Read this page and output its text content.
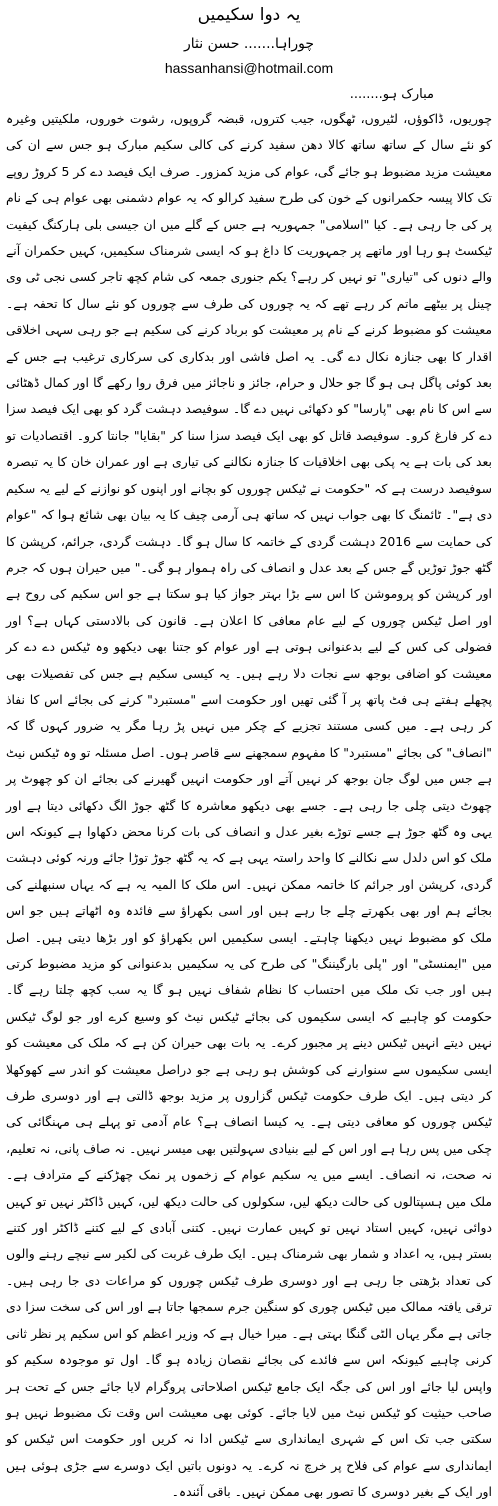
یہ دوا سکیمیں
چوراہا....... حسن نثار
hassanhansi@hotmail.com
مبارک ہو........
چوریوں، ڈاکوؤں، لٹیروں، ٹھگوں، جیب کتروں، قبضہ گروپوں، رشوت خوروں، ملکیتیں وغیرہ کو نئے سال کے ساتھ ساتھ کالا دھن سفید کرنے کی کالی سکیم مبارک ہو جس سے ان کی معیشت مزید مضبوط ہو جائے گی، عوام کی مزید کمزور۔ صرف ایک فیصد دے کر 5 کروڑ روپے تک کالا پیسہ حکمرانوں کے خون کی طرح سفید کرالو کہ یہ عوام دشمنی بھی عوام ہی کے نام پر کی جا رہی ہے۔ کیا "اسلامی" جمہوریہ ہے جس کے گلے میں ان جیسی بلی ہارکنگ کیفیت ٹیکسٹ ہو رہا اور ماتھے پر جمہوریت کا داغ ہو کہ ایسی شرمناک سکیمیں، کہیں حکمران آنے والے دنوں کی "تیاری" تو نہیں کر رہے؟ یکم جنوری جمعہ کی شام کچھ تاجر کسی نجی ٹی وی چینل پر بیٹھے ماتم کر رہے تھے کہ یہ چوروں کی طرف سے چوروں کو نئے سال کا تحفہ ہے۔ معیشت کو مضبوط کرنے کے نام پر معیشت کو برباد کرنے کی سکیم ہے جو رہی سہی اخلاقی اقدار کا بھی جنازہ نکال دے گی۔ یہ اصل فاشی اور بدکاری کی سرکاری ترغیب ہے جس کے بعد کوئی پاگل ہی ہو گا جو حلال و حرام، جائز و ناجائز میں فرق روا رکھے گا اور کمال ڈھٹائی سے اس کا نام بھی "پارسا" کو دکھائی نہیں دے گا۔ سوفیصد دہشت گرد کو بھی ایک فیصد سزا دے کر فارغ کرو۔ سوفیصد قاتل کو بھی ایک فیصد سزا سنا کر "بقایا" جانتا کرو۔ اقتصادیات تو بعد کی بات ہے یہ پکی بھی اخلاقیات کا جنازہ نکالنے کی تیاری ہے اور عمران خان کا یہ تبصرہ سوفیصد درست ہے کہ "حکومت نے ٹیکس چوروں کو بچانے اور اپنوں کو نوازنے کے لیے یہ سکیم دی ہے"۔ ٹائمنگ کا بھی جواب نہیں کہ ساتھ ہی آرمی چیف کا یہ بیان بھی شائع ہوا کہ "عوام کی حمایت سے 2016 دہشت گردی کے خاتمہ کا سال ہو گا۔ دہشت گردی، جرائم، کرپشن کا گٹھ جوڑ توڑیں گے جس کے بعد عدل و انصاف کی راہ ہموار ہو گی۔" میں حیران ہوں کہ جرم اور کرپشن کو پروموشن کا اس سے بڑا بہتر جواز کیا ہو سکتا ہے جو اس سکیم کی روح ہے اور اصل ٹیکس چوروں کے لیے عام معافی کا اعلان ہے۔ قانون کی بالادستی کہاں ہے؟ اور فضولی کی کس کے لیے بدعنوانی ہوتی ہے اور عوام کو جتنا بھی دیکھو وہ ٹیکس دے دے کر معیشت کو اضافی بوجھ سے نجات دلا رہے ہیں۔ یہ کیسی سکیم ہے جس کی تفصیلات بھی پچھلے ہفتے ہی فٹ پاتھ پر آ گئی تھیں اور حکومت اسے "مستبرد" کرنے کی بجائے اس کا نفاذ کر رہی ہے۔ میں کسی مستند تجزیے کے چکر میں نہیں پڑ رہا مگر یہ ضرور کہوں گا کہ "انصاف" کی بجائے "مستبرد" کا مفہوم سمجھنے سے قاصر ہوں۔ اصل مسئلہ تو وہ ٹیکس نیٹ ہے جس میں لوگ جان بوجھ کر نہیں آتے اور حکومت انہیں گھیرنے کی بجائے ان کو چھوٹ پر چھوٹ دیتی چلی جا رہی ہے۔ جسے بھی دیکھو معاشرہ کا گٹھ جوڑ الگ دکھائی دیتا ہے اور یہی وہ گٹھ جوڑ ہے جسے توڑے بغیر عدل و انصاف کی بات کرنا محض دکھاوا ہے کیونکہ اس ملک کو اس دلدل سے نکالنے کا واحد راستہ یہی ہے کہ یہ گٹھ جوڑ توڑا جائے ورنہ کوئی دہشت گردی، کرپشن اور جرائم کا خاتمہ ممکن نہیں۔ اس ملک کا المیہ یہ ہے کہ یہاں سنبھلنے کی بجائے ہم اور بھی بکھرتے چلے جا رہے ہیں اور اسی بکھراؤ سے فائدہ وہ اٹھاتے ہیں جو اس ملک کو مضبوط نہیں دیکھنا چاہتے۔ ایسی سکیمیں اس بکھراؤ کو اور بڑھا دیتی ہیں۔ اصل میں "ایمنسٹی" اور "پلی بارگیننگ" کی طرح کی یہ سکیمیں بدعنوانی کو مزید مضبوط کرتی ہیں اور جب تک ملک میں احتساب کا نظام شفاف نہیں ہو گا یہ سب کچھ چلتا رہے گا۔ حکومت کو چاہیے کہ ایسی سکیموں کی بجائے ٹیکس نیٹ کو وسیع کرے اور جو لوگ ٹیکس نہیں دیتے انہیں ٹیکس دینے پر مجبور کرے۔ یہ بات بھی حیران کن ہے کہ ملک کی معیشت کو ایسی سکیموں سے سنوارنے کی کوشش ہو رہی ہے جو دراصل معیشت کو اندر سے کھوکھلا کر دیتی ہیں۔ ایک طرف حکومت ٹیکس گزاروں پر مزید بوجھ ڈالتی ہے اور دوسری طرف ٹیکس چوروں کو معافی دیتی ہے۔ یہ کیسا انصاف ہے؟ عام آدمی تو پہلے ہی مہنگائی کی چکی میں پس رہا ہے اور اس کے لیے بنیادی سہولتیں بھی میسر نہیں۔ نہ صاف پانی، نہ تعلیم، نہ صحت، نہ انصاف۔ ایسے میں یہ سکیم عوام کے زخموں پر نمک چھڑکنے کے مترادف ہے۔ ملک میں ہسپتالوں کی حالت دیکھ لیں، سکولوں کی حالت دیکھ لیں، کہیں ڈاکٹر نہیں تو کہیں دوائی نہیں، کہیں استاد نہیں تو کہیں عمارت نہیں۔ کتنی آبادی کے لیے کتنے ڈاکٹر اور کتنے بستر ہیں، یہ اعداد و شمار بھی شرمناک ہیں۔ ایک طرف غربت کی لکیر سے نیچے رہنے والوں کی تعداد بڑھتی جا رہی ہے اور دوسری طرف ٹیکس چوروں کو مراعات دی جا رہی ہیں۔ ترقی یافتہ ممالک میں ٹیکس چوری کو سنگین جرم سمجھا جاتا ہے اور اس کی سخت سزا دی جاتی ہے مگر یہاں الٹی گنگا بہتی ہے۔ میرا خیال ہے کہ وزیر اعظم کو اس سکیم پر نظر ثانی کرنی چاہیے کیونکہ اس سے فائدے کی بجائے نقصان زیادہ ہو گا۔ اول تو موجودہ سکیم کو واپس لیا جائے اور اس کی جگہ ایک جامع ٹیکس اصلاحاتی پروگرام لایا جائے جس کے تحت ہر صاحب حیثیت کو ٹیکس نیٹ میں لایا جائے۔ کوئی بھی معیشت اس وقت تک مضبوط نہیں ہو سکتی جب تک اس کے شہری ایمانداری سے ٹیکس ادا نہ کریں اور حکومت اس ٹیکس کو ایمانداری سے عوام کی فلاح پر خرچ نہ کرے۔ یہ دونوں باتیں ایک دوسرے سے جڑی ہوئی ہیں اور ایک کے بغیر دوسری کا تصور بھی ممکن نہیں۔ باقی آئندہ۔
